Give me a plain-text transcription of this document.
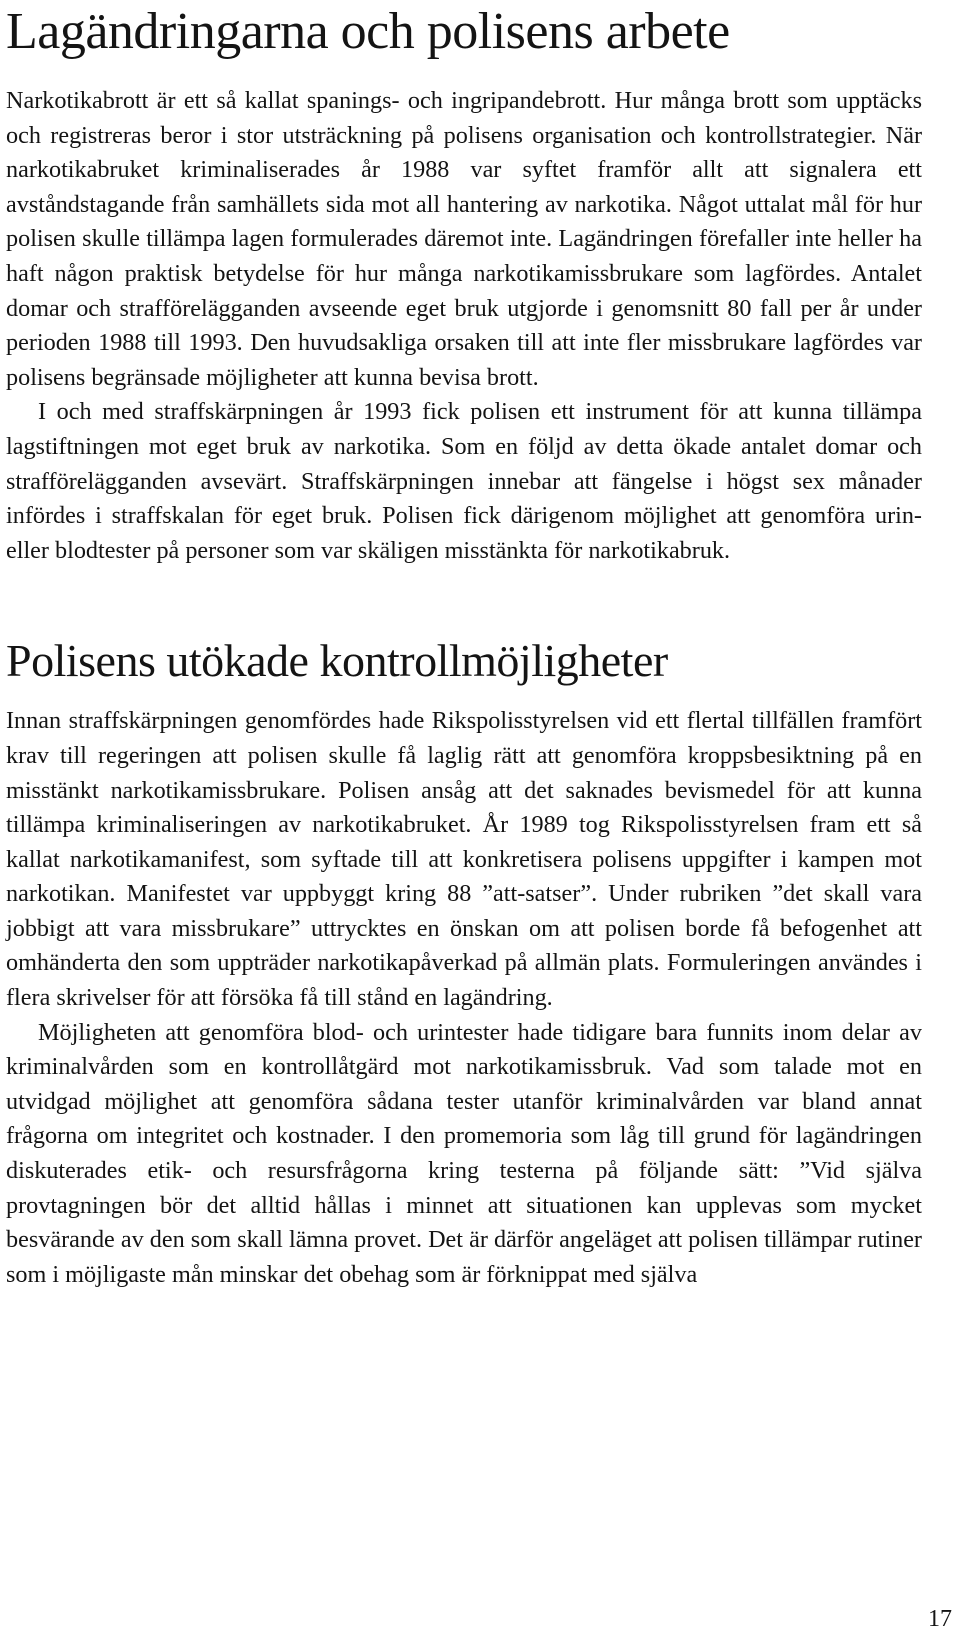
Lagändringarna och polisens arbete

Narkotikabrott är ett så kallat spanings- och ingripandebrott. Hur många brott som upptäcks och registreras beror i stor utsträckning på polisens organisation och kontrollstrategier. När narkotikabruket kriminaliserades år 1988 var syftet framför allt att signalera ett avståndstagande från samhällets sida mot all hantering av narkotika. Något uttalat mål för hur polisen skulle tillämpa lagen formulerades däremot inte. Lagändringen förefaller inte heller ha haft någon praktisk betydelse för hur många narkotikamissbrukare som lagfördes. Antalet domar och strafförelägganden avseende eget bruk utgjorde i genomsnitt 80 fall per år under perioden 1988 till 1993. Den huvudsakliga orsaken till att inte fler missbrukare lagfördes var polisens begränsade möjligheter att kunna bevisa brott.

I och med straffskärpningen år 1993 fick polisen ett instrument för att kunna tillämpa lagstiftningen mot eget bruk av narkotika. Som en följd av detta ökade antalet domar och strafförelägganden avsevärt. Straffskärpningen innebar att fängelse i högst sex månader infördes i straffskalan för eget bruk. Polisen fick därigenom möjlighet att genomföra urin- eller blodtester på personer som var skäligen misstänkta för narkotikabruk.

Polisens utökade kontrollmöjligheter

Innan straffskärpningen genomfördes hade Rikspolisstyrelsen vid ett flertal tillfällen framfört krav till regeringen att polisen skulle få laglig rätt att genomföra kroppsbesiktning på en misstänkt narkotikamissbrukare. Polisen ansåg att det saknades bevismedel för att kunna tillämpa kriminaliseringen av narkotikabruket. År 1989 tog Rikspolisstyrelsen fram ett så kallat narkotikamanifest, som syftade till att konkretisera polisens uppgifter i kampen mot narkotikan. Manifestet var uppbyggt kring 88 ”att-satser”. Under rubriken ”det skall vara jobbigt att vara missbrukare” uttrycktes en önskan om att polisen borde få befogenhet att omhänderta den som uppträder narkotikapåverkad på allmän plats. Formuleringen användes i flera skrivelser för att försöka få till stånd en lagändring.

Möjligheten att genomföra blod- och urintester hade tidigare bara funnits inom delar av kriminalvården som en kontrollåtgärd mot narkotikamissbruk. Vad som talade mot en utvidgad möjlighet att genomföra sådana tester utanför kriminalvården var bland annat frågorna om integritet och kostnader. I den promemoria som låg till grund för lagändringen diskuterades etik- och resursfrågorna kring testerna på följande sätt: ”Vid själva provtagningen bör det alltid hållas i minnet att situationen kan upplevas som mycket besvärande av den som skall lämna provet. Det är därför angeläget att polisen tillämpar rutiner som i möjligaste mån minskar det obehag som är förknippat med själva

17
